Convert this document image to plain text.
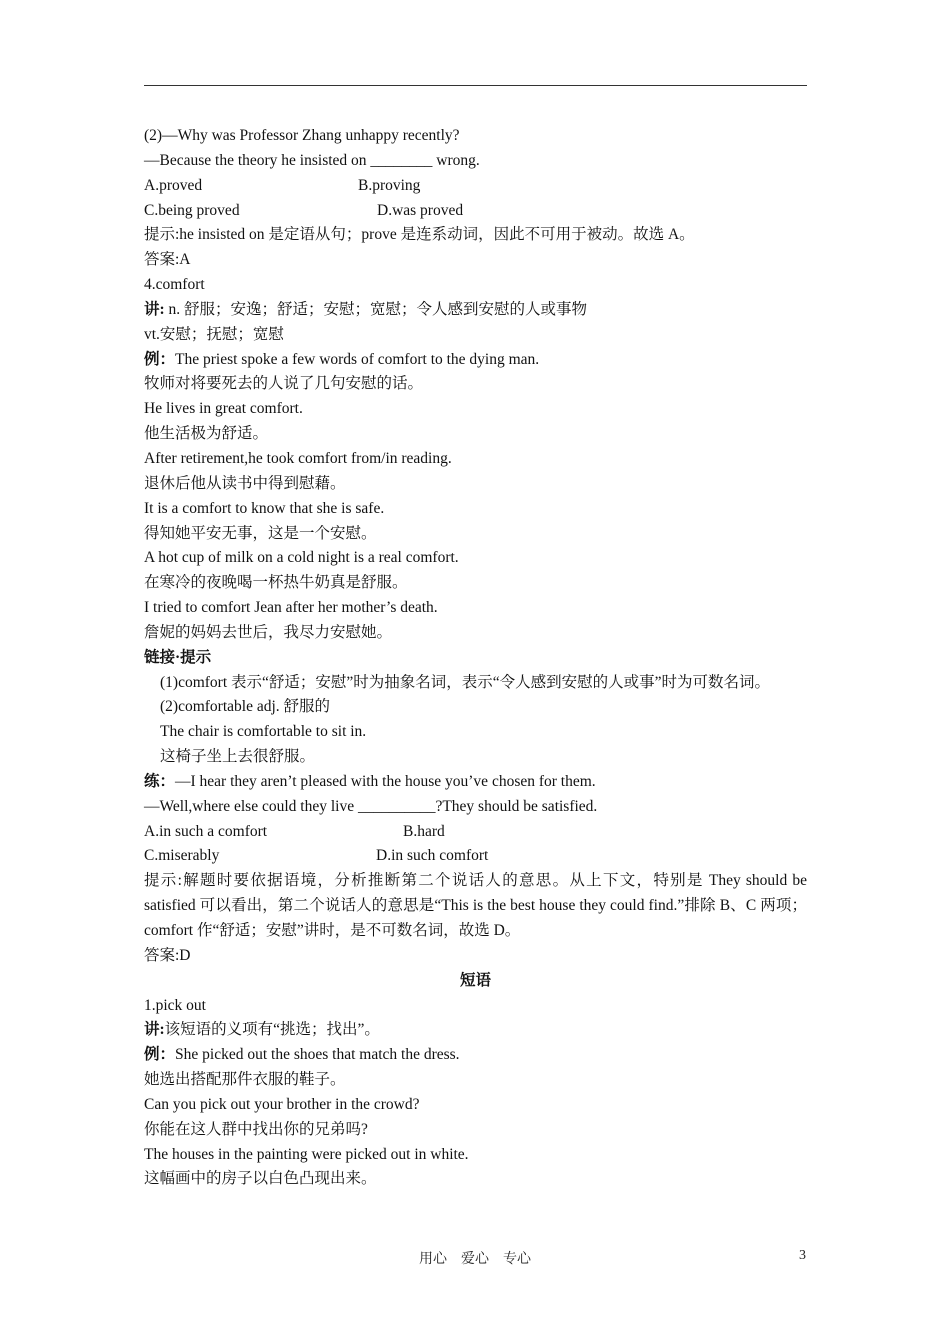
(2)—Why was Professor Zhang unhappy recently?
—Because the theory he insisted on ________ wrong.
A.proved	B.proving
C.being proved	D.was proved
提示:he insisted on 是定语从句；prove 是连系动词，因此不可用于被动。故选 A。
答案:A
4.comfort
讲: n. 舒服；安逸；舒适；安慰；宽慰；令人感到安慰的人或事物
vt.安慰；抚慰；宽慰
例：The priest spoke a few words of comfort to the dying man.
牧师对将要死去的人说了几句安慰的话。
He lives in great comfort.
他生活极为舒适。
After retirement,he took comfort from/in reading.
退休后他从读书中得到慰藉。
It is a comfort to know that she is safe.
得知她平安无事，这是一个安慰。
A hot cup of milk on a cold night is a real comfort.
在寒冷的夜晚喝一杯热牛奶真是舒服。
I tried to comfort Jean after her mother’s death.
詹妮的妈妈去世后，我尽力安慰她。
链接·提示
(1)comfort 表示“舒适；安慰”时为抽象名词，表示“令人感到安慰的人或事”时为可数名词。
(2)comfortable adj. 舒服的
The chair is comfortable to sit in.
这椅子坐上去很舒服。
练：—I hear they aren’t pleased with the house you’ve chosen for them.
—Well,where else could they live __________?They should be satisfied.
A.in such a comfort	B.hard
C.miserably	D.in such comfort
提示:解题时要依据语境，分析推断第二个说话人的意思。从上下文，特别是 They should be satisfied 可以看出，第二个说话人的意思是“This is the best house they could find.”排除 B、C 两项；comfort 作“舒适；安慰”讲时，是不可数名词，故选 D。
答案:D
短语
1.pick out
讲:该短语的义项有“挑选；找出”。
例：She picked out the shoes that match the dress.
她选出搭配那件衣服的鞋子。
Can you pick out your brother in the crowd?
你能在这人群中找出你的兄弟吗?
The houses in the painting were picked out in white.
这幅画中的房子以白色凸现出来。
用心　爱心　专心	3
